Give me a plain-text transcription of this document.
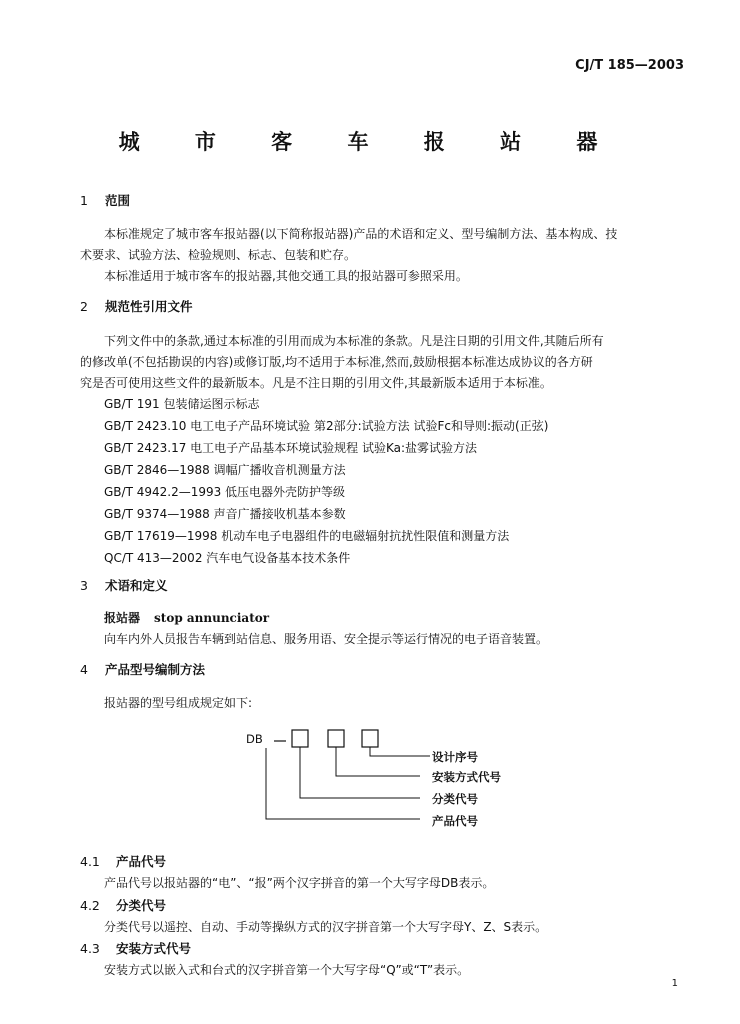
CJ/T 185—2003
城 市 客 车 报 站 器
1 范围
本标准规定了城市客车报站器(以下简称报站器)产品的术语和定义、型号编制方法、基本构成、技
术要求、试验方法、检验规则、标志、包装和贮存。
本标准适用于城市客车的报站器,其他交通工具的报站器可参照采用。
2 规范性引用文件
下列文件中的条款,通过本标准的引用而成为本标准的条款。凡是注日期的引用文件,其随后所有
的修改单(不包括勘误的内容)或修订版,均不适用于本标准,然而,鼓励根据本标准达成协议的各方研
究是否可使用这些文件的最新版本。凡是不注日期的引用文件,其最新版本适用于本标准。
GB/T 191 包装储运图示标志
GB/T 2423.10 电工电子产品环境试验 第2部分:试验方法 试验Fc和导则:振动(正弦)
GB/T 2423.17 电工电子产品基本环境试验规程 试验Ka:盐雾试验方法
GB/T 2846—1988 调幅广播收音机测量方法
GB/T 4942.2—1993 低压电器外壳防护等级
GB/T 9374—1988 声音广播接收机基本参数
GB/T 17619—1998 机动车电子电器组件的电磁辐射抗扰性限值和测量方法
QC/T 413—2002 汽车电气设备基本技术条件
3 术语和定义
报站器 stop annunciator
向车内外人员报告车辆到站信息、服务用语、安全提示等运行情况的电子语音装置。
4 产品型号编制方法
报站器的型号组成规定如下:
DB
设计序号
安装方式代号
分类代号
产品代号
4.1 产品代号
产品代号以报站器的“电”、“报”两个汉字拼音的第一个大写字母DB表示。
4.2 分类代号
分类代号以遥控、自动、手动等操纵方式的汉字拼音第一个大写字母Y、Z、S表示。
4.3 安装方式代号
安装方式以嵌入式和台式的汉字拼音第一个大写字母“Q”或“T”表示。
1
